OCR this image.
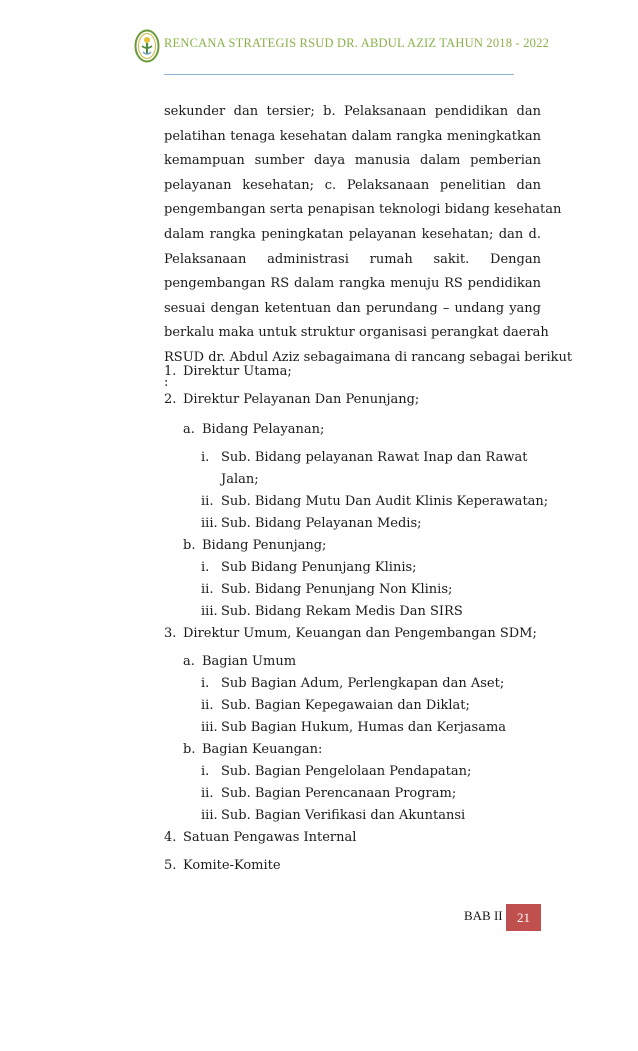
RENCANA STRATEGIS RSUD DR. ABDUL AZIZ TAHUN 2018 - 2022
sekunder dan tersier; b. Pelaksanaan pendidikan dan
pelatihan tenaga kesehatan dalam rangka meningkatkan
kemampuan sumber daya manusia dalam pemberian
pelayanan kesehatan; c. Pelaksanaan penelitian dan
pengembangan serta penapisan teknologi bidang kesehatan
dalam rangka peningkatan pelayanan kesehatan; dan d.
Pelaksanaan administrasi rumah sakit. Dengan
pengembangan RS dalam rangka menuju RS pendidikan
sesuai dengan ketentuan dan perundang – undang yang
berkalu maka untuk struktur organisasi perangkat daerah
RSUD dr. Abdul Aziz sebagaimana di rancang sebagai berikut
:
1. Direktur Utama;
2. Direktur Pelayanan Dan Penunjang;
a. Bidang Pelayanan;
i. Sub. Bidang pelayanan Rawat Inap dan Rawat
Jalan;
ii. Sub. Bidang Mutu Dan Audit Klinis Keperawatan;
iii. Sub. Bidang Pelayanan Medis;
b. Bidang Penunjang;
i. Sub Bidang Penunjang Klinis;
ii. Sub. Bidang Penunjang Non Klinis;
iii. Sub. Bidang Rekam Medis Dan SIRS
3. Direktur Umum, Keuangan dan Pengembangan SDM;
a. Bagian Umum
i. Sub Bagian Adum, Perlengkapan dan Aset;
ii. Sub. Bagian Kepegawaian dan Diklat;
iii. Sub Bagian Hukum, Humas dan Kerjasama
b. Bagian Keuangan:
i. Sub. Bagian Pengelolaan Pendapatan;
ii. Sub. Bagian Perencanaan Program;
iii. Sub. Bagian Verifikasi dan Akuntansi
4. Satuan Pengawas Internal
5. Komite-Komite
BAB II	21
